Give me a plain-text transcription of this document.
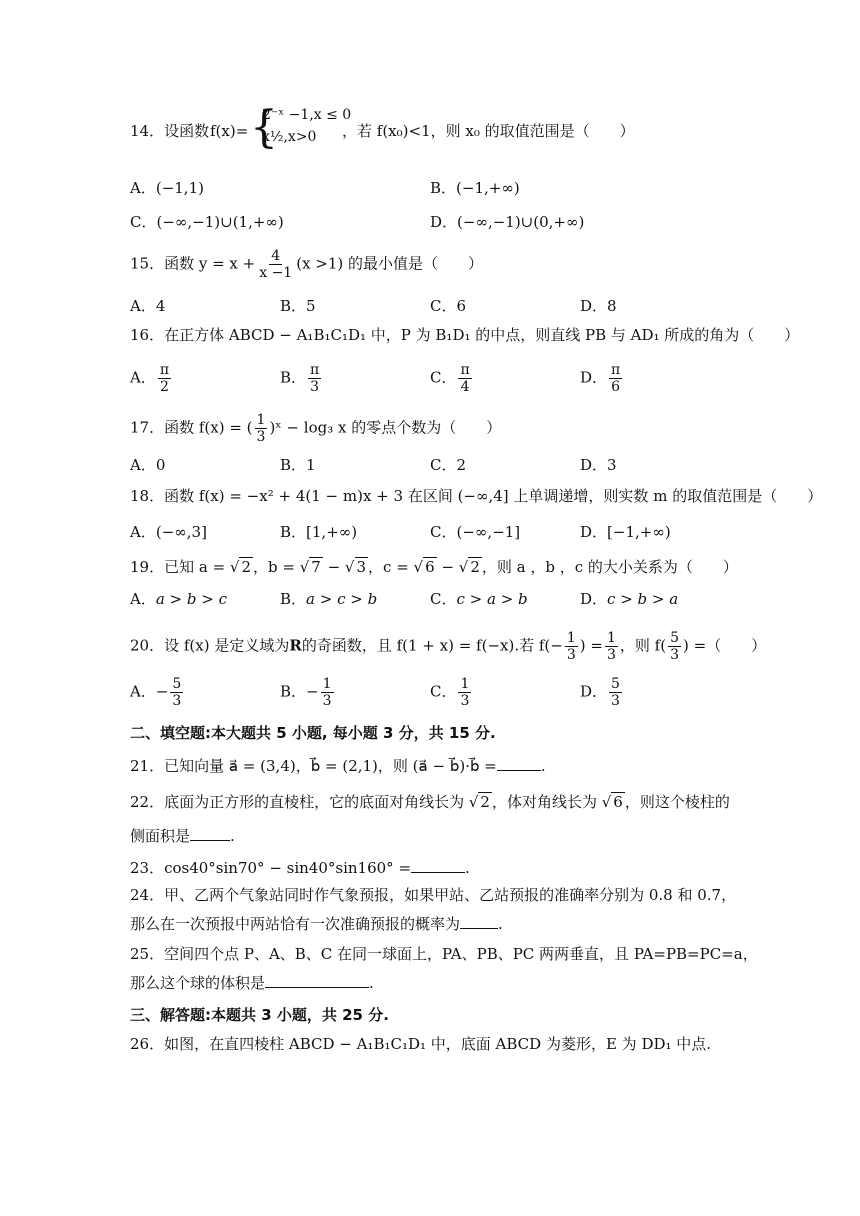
14．设函数 f(x)= {
2⁻ˣ −1,x ≤ 0
x½,x>0	，若 f(x₀)<1，则 x₀ 的取值范围是（　　）
A．(−1,1)	B．(−1,+∞)
C．(−∞,−1)∪(1,+∞)	D．(−∞,−1)∪(0,+∞)
15．函数 $y = x + \frac{4}{x -1} (x >1)$ 的最小值是（　　）
A．4	B．5	C．6	D．8
16．在正方体 ABCD − A₁B₁C₁D₁ 中，P 为 B₁D₁ 的中点，则直线 PB 与 AD₁ 所成的角为（　　）
A． $\frac{\pi}{2}$	B． $\frac{\pi}{3}$	C． $\frac{\pi}{4}$	D． $\frac{\pi}{6}$
17．函数 f(x) = ( $\frac{1}{3}$ )ˣ − log₃ x 的零点个数为（　　）
A．0	B．1	C．2	D．3
18．函数 f(x) = −x² + 4(1 − m)x + 3 在区间 (−∞,4] 上单调递增，则实数 m 的取值范围是（　　）
A．(−∞,3]	B．[1,+∞)	C．(−∞,−1]	D．[−1,+∞)
19．已知 a = √ 2 ，b = √ 7 − √ 3 ，c = √ 6 − √ 2 ，则 a ，b ，c 的大小关系为（　　）
A．a > b > c	B．a > c > b	C．c > a > b	D．c > b > a
20．设 f(x) 是定义域为R的奇函数，且 f(1 + x) = f(−x).若 $f(- \frac{1}{3}$ ) = $\frac{1}{3}$ ，则 $f( \frac{5}{3}$ ) =（　　）
A．− $\frac{5}{3}$	B．− $\frac{1}{3}$	C． $\frac{1}{3}$	D． $\frac{5}{3}$
二、填空题:本大题共 5 小题, 每小题 3 分，共 15 分.
21．已知向量 a⃗ = (3,4)，b⃗ = (2,1)，则 (a⃗ − b⃗)·b⃗ =	.
22．底面为正方形的直棱柱，它的底面对角线长为 √ 2 ，体对角线长为 √ 6 ，则这个棱柱的
侧面积是	.
23．cos40°sin70° − sin40°sin160° =	.
24．甲、乙两个气象站同时作气象预报，如果甲站、乙站预报的准确率分别为 0.8 和 0.7，
那么在一次预报中两站恰有一次准确预报的概率为	.
25．空间四个点 P、A、B、C 在同一球面上，PA、PB、PC 两两垂直，且 PA=PB=PC=a，
那么这个球的体积是	.
三、解答题:本题共 3 小题，共 25 分.
26．如图，在直四棱柱 ABCD − A₁B₁C₁D₁ 中，底面 ABCD 为菱形，E 为 DD₁ 中点.
